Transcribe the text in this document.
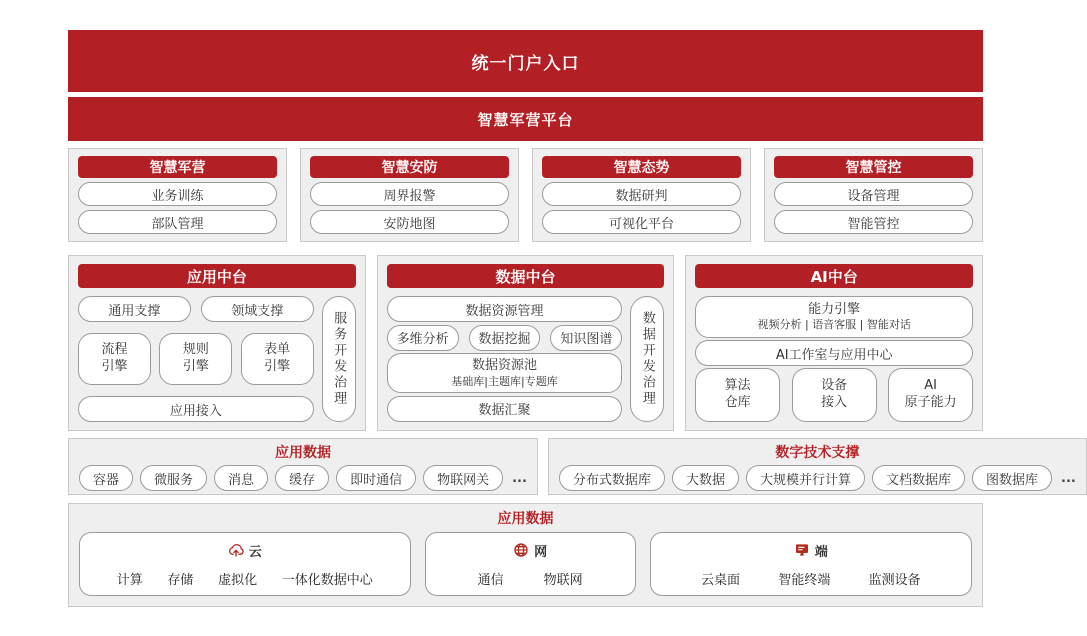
统一门户入口
智慧军营平台
智慧军营
业务训练
部队管理
智慧安防
周界报警
安防地图
智慧态势
数据研判
可视化平台
智慧管控
设备管理
智能管控
应用中台
通用支撑	领域支撑
流程
引擎
规则
引擎
表单
引擎
应用接入
服务开发治理
数据中台
数据资源管理
多维分析	数据挖掘	知识图谱
数据资源池
基础库|主题库|专题库
数据汇聚
数据开发治理
AI中台
能力引擎
视频分析 | 语音客服 | 智能对话
AI工作室与应用中心
算法
仓库
设备
接入
AI
原子能力
应用数据
容器	微服务	消息	缓存	即时通信	物联网关	...
数字技术支撑
分布式数据库	大数据	大规模并行计算	文档数据库	图数据库	...
应用数据
云
计算 存储 虚拟化 一体化数据中心
网
通信	物联网
端
云桌面	智能终端	监测设备
